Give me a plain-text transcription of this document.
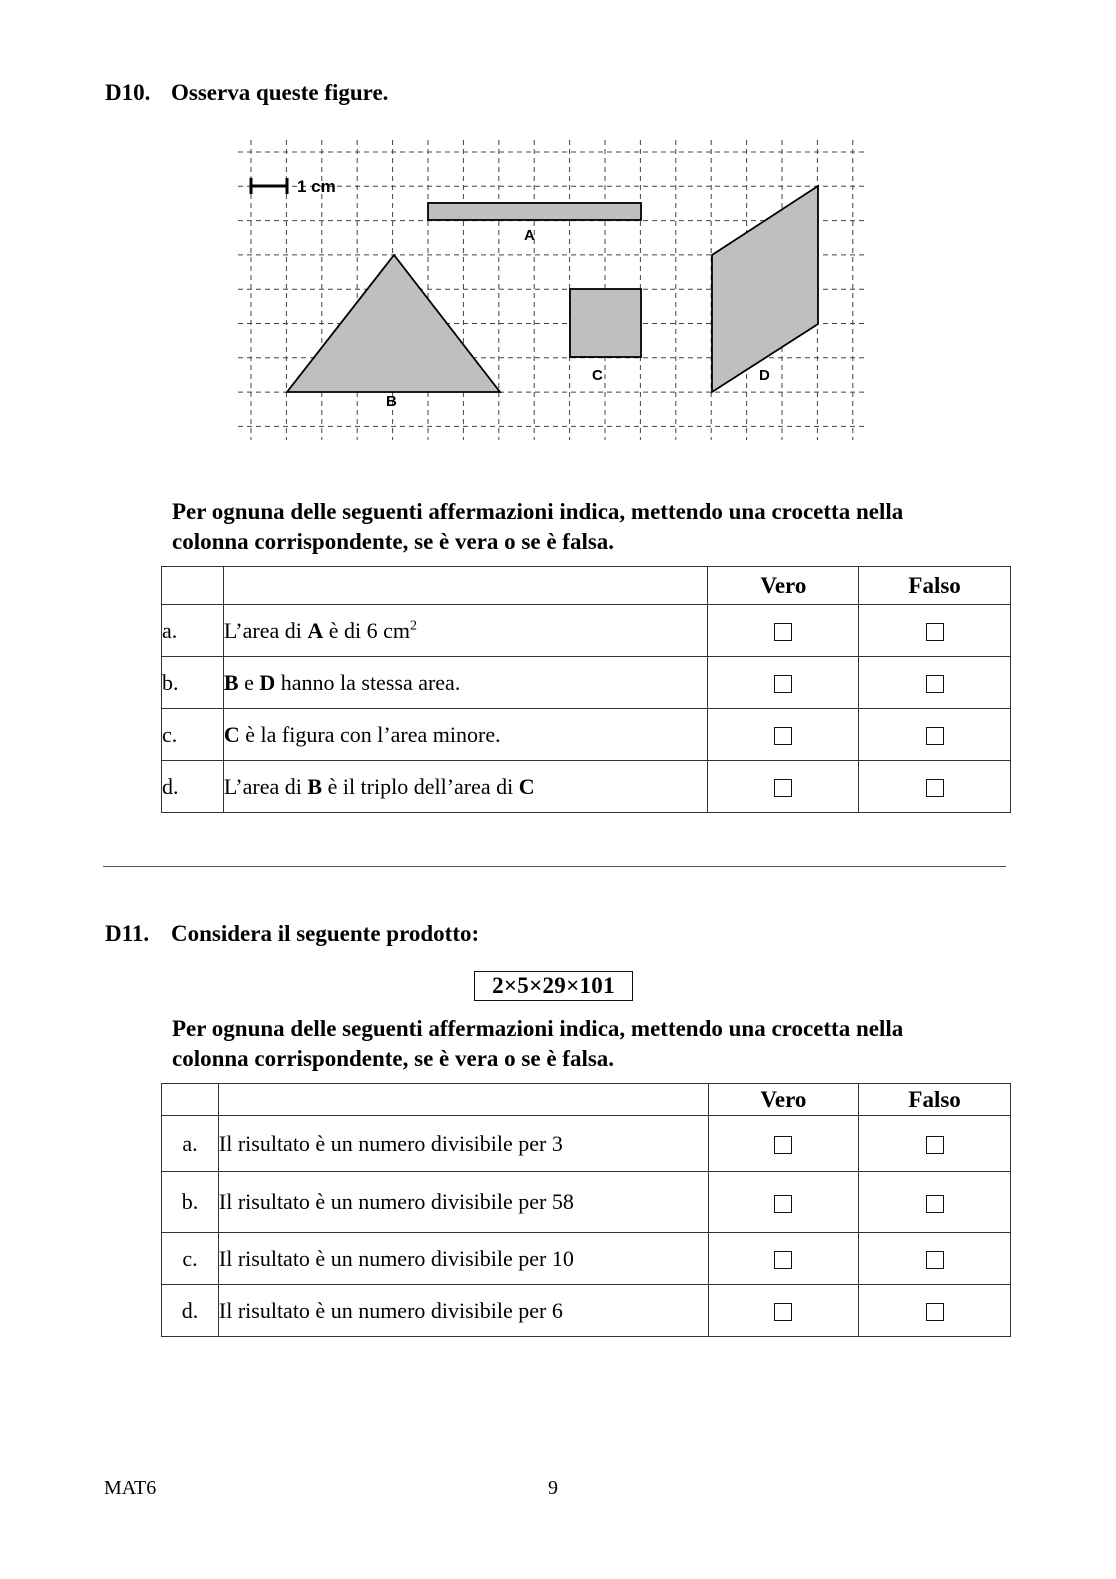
D10. Osserva queste figure.
1 cm
A
B
C	D
Per ognuna delle seguenti affermazioni indica, mettendo una crocetta nella
colonna corrispondente, se è vera o se è falsa.
		Vero	Falso
a.	L’area di A è di 6 $cm^2$		
b.	B e D hanno la stessa area.		
c.	C è la figura con l’area minore.		
d.	L’area di B è il triplo dell’area di C		
D11. Considera il seguente prodotto:
2×5×29×101
Per ognuna delle seguenti affermazioni indica, mettendo una crocetta nella
colonna corrispondente, se è vera o se è falsa.
		Vero	Falso
a.	Il risultato è un numero divisibile per 3		
b.	Il risultato è un numero divisibile per 58		
c.	Il risultato è un numero divisibile per 10		
d.	Il risultato è un numero divisibile per 6		
MAT6	9
